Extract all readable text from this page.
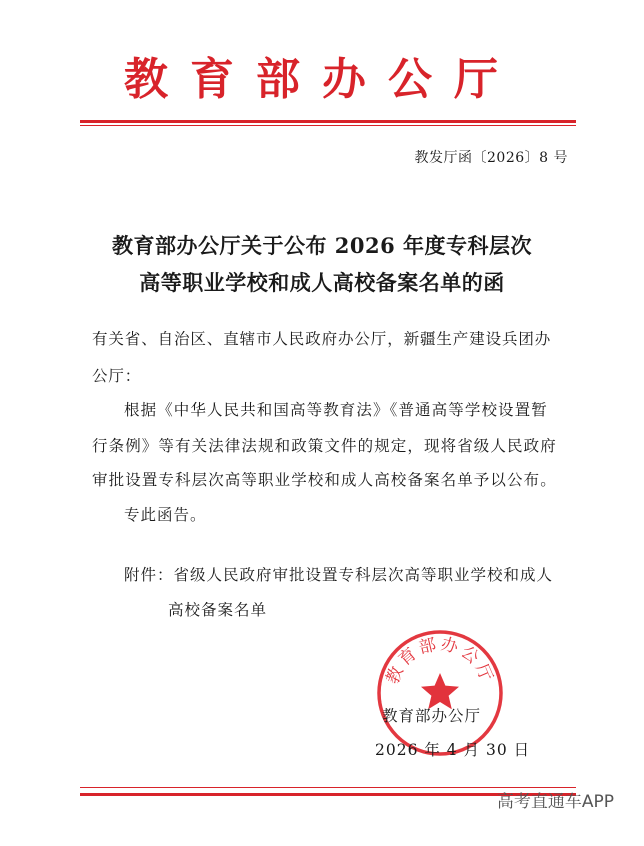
教育部办公厅
教发厅函〔2026〕8 号
教育部办公厅关于公布 2026 年度专科层次
高等职业学校和成人高校备案名单的函
有关省、自治区、直辖市人民政府办公厅，新疆生产建设兵团办
公厅：
根据《中华人民共和国高等教育法》《普通高等学校设置暂
行条例》等有关法律法规和政策文件的规定，现将省级人民政府
审批设置专科层次高等职业学校和成人高校备案名单予以公布。
专此函告。
附件：省级人民政府审批设置专科层次高等职业学校和成人
高校备案名单
教育部办公厅
教育部办公厅
2026 年 4 月 30 日
高考直通车APP
